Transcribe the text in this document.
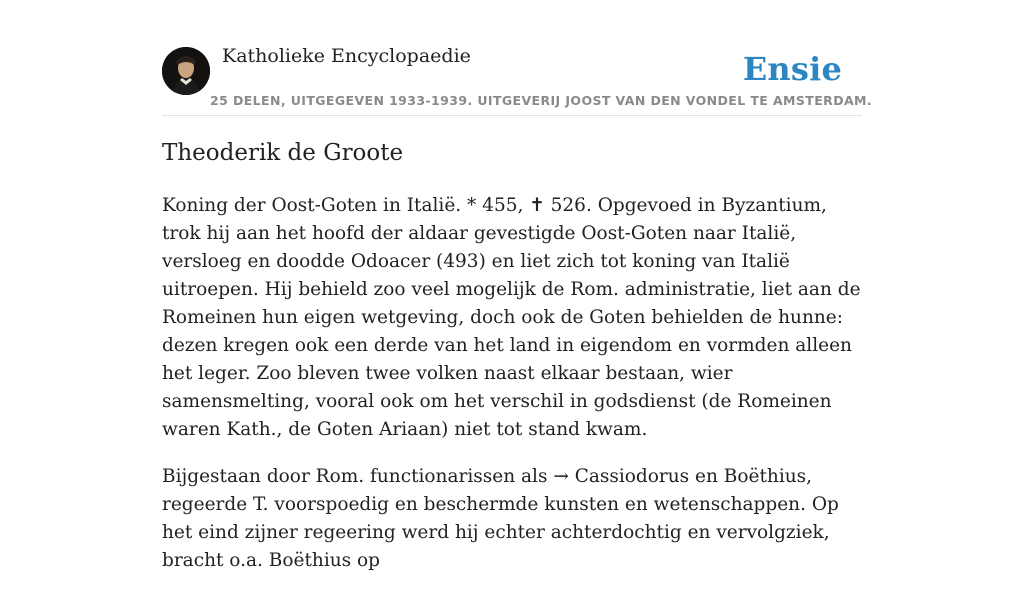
Katholieke Encyclopaedie	Ensie
25 DELEN, UITGEGEVEN 1933-1939. UITGEVERIJ JOOST VAN DEN VONDEL TE AMSTERDAM.
Theoderik de Groote

Koning der Oost-Goten in Italië. * 455, ✝ 526. Opgevoed in Byzantium, trok hij aan het hoofd der aldaar gevestigde Oost-Goten naar Italië, versloeg en doodde Odoacer (493) en liet zich tot koning van Italië uitroepen. Hij behield zoo veel mogelijk de Rom. administratie, liet aan de Romeinen hun eigen wetgeving, doch ook de Goten behielden de hunne: dezen kregen ook een derde van het land in eigendom en vormden alleen het leger. Zoo bleven twee volken naast elkaar bestaan, wier samensmelting, vooral ook om het verschil in godsdienst (de Romeinen waren Kath., de Goten Ariaan) niet tot stand kwam.

Bijgestaan door Rom. functionarissen als → Cassiodorus en Boëthius, regeerde T. voorspoedig en beschermde kunsten en wetenschappen. Op het eind zijner regeering werd hij echter achterdochtig en vervolgziek, bracht o.a. Boëthius op
